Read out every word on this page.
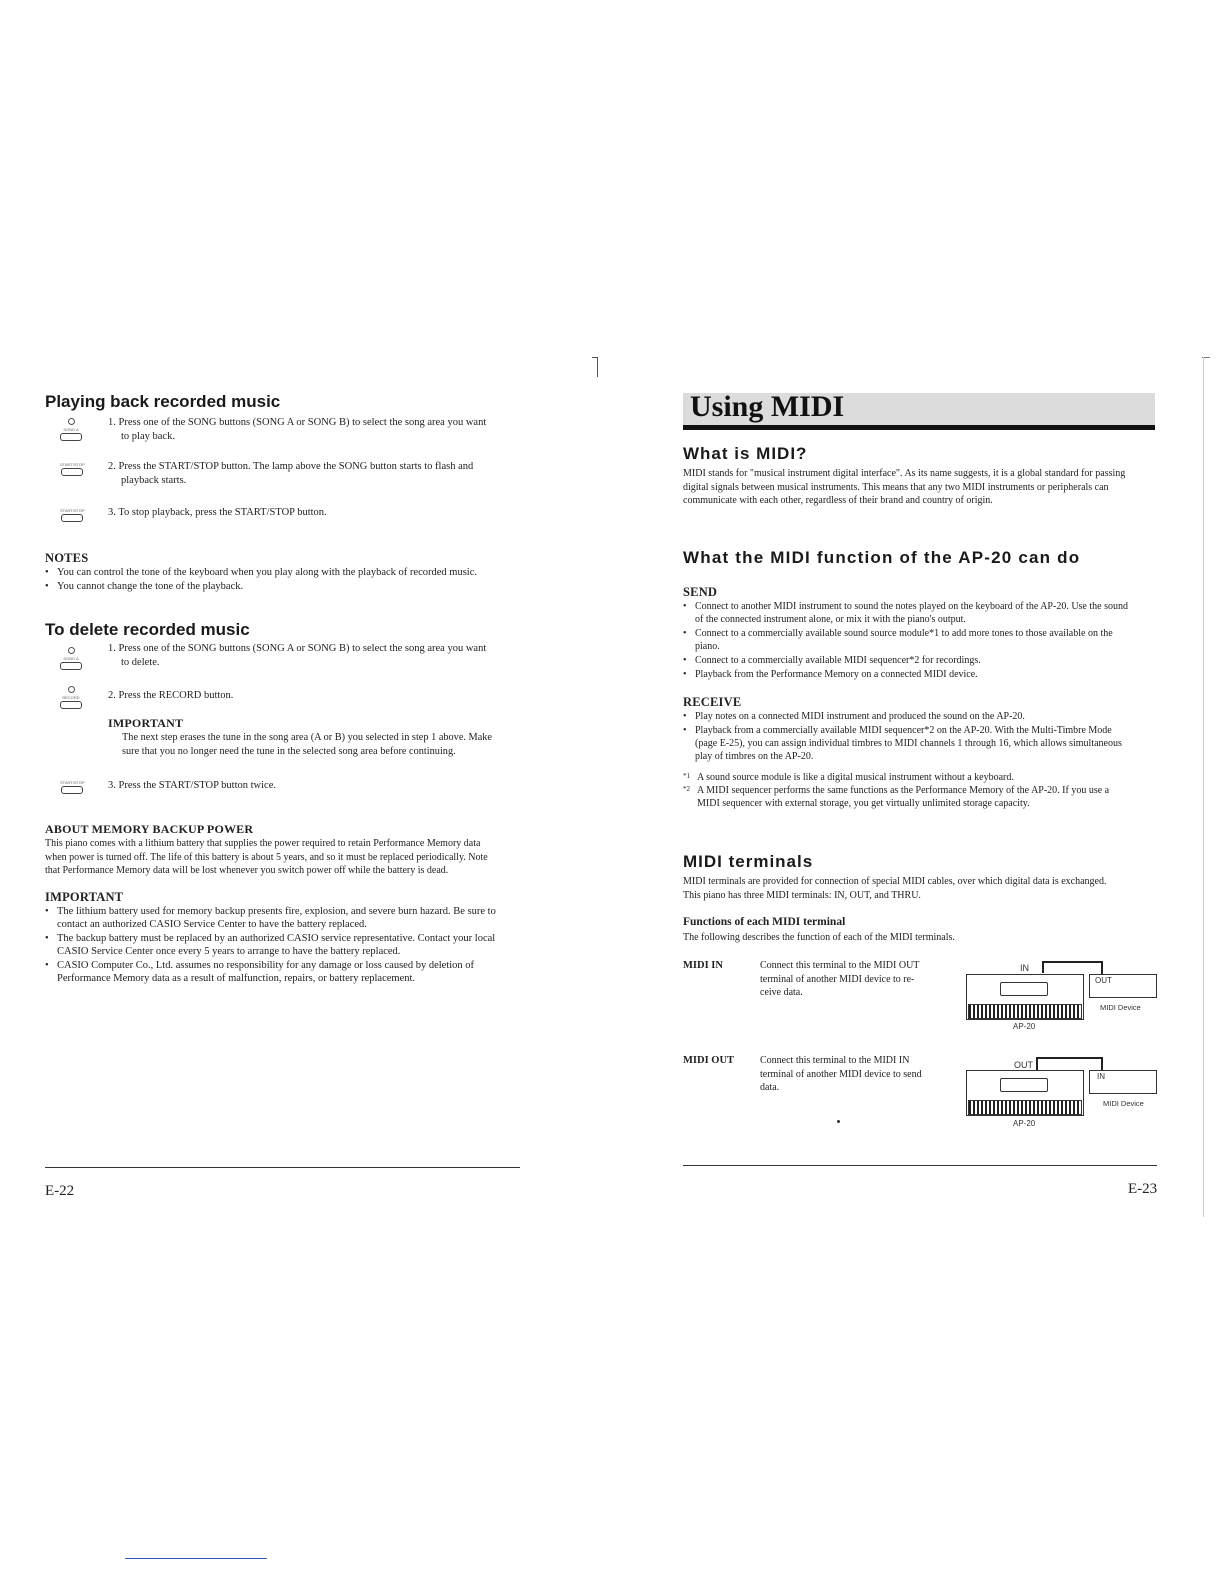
Playing back recorded music
SONG A
1. Press one of the SONG buttons (SONG A or SONG B) to select the song area you want
to play back.
START/STOP 2. Press the START/STOP button. The lamp above the SONG button starts to flash and
playback starts.
START/STOP 3. To stop playback, press the START/STOP button.
NOTES
• You can control the tone of the keyboard when you play along with the playback of recorded music.
• You cannot change the tone of the playback.
To delete recorded music
SONG A
1. Press one of the SONG buttons (SONG A or SONG B) to select the song area you want
to delete.
RECORD	2. Press the RECORD button.
IMPORTANT
The next step erases the tune in the song area (A or B) you selected in step 1 above. Make
sure that you no longer need the tune in the selected song area before continuing.
START/STOP 3. Press the START/STOP button twice.
ABOUT MEMORY BACKUP POWER
This piano comes with a lithium battery that supplies the power required to retain Performance Memory data
when power is turned off. The life of this battery is about 5 years, and so it must be replaced periodically. Note
that Performance Memory data will be lost whenever you switch power off while the battery is dead.
IMPORTANT
• The lithium battery used for memory backup presents fire, explosion, and severe burn hazard. Be sure to
contact an authorized CASIO Service Center to have the battery replaced.
• The backup battery must be replaced by an authorized CASIO service representative. Contact your local
CASIO Service Center once every 5 years to arrange to have the battery replaced.
• CASIO Computer Co., Ltd. assumes no responsibility for any damage or loss caused by deletion of
Performance Memory data as a result of malfunction, repairs, or battery replacement.
E-22
Using MIDI
What is MIDI?
MIDI stands for "musical instrument digital interface". As its name suggests, it is a global standard for passing
digital signals between musical instruments. This means that any two MIDI instruments or peripherals can
communicate with each other, regardless of their brand and country of origin.
What the MIDI function of the AP-20 can do
SEND
• Connect to another MIDI instrument to sound the notes played on the keyboard of the AP-20. Use the sound
of the connected instrument alone, or mix it with the piano's output.
• Connect to a commercially available sound source module*1 to add more tones to those available on the
piano.
• Connect to a commercially available MIDI sequencer*2 for recordings.
• Playback from the Performance Memory on a connected MIDI device.
RECEIVE
• Play notes on a connected MIDI instrument and produced the sound on the AP-20.
• Playback from a commercially available MIDI sequencer*2 on the AP-20. With the Multi-Timbre Mode
(page E-25), you can assign individual timbres to MIDI channels 1 through 16, which allows simultaneous
play of timbres on the AP-20.
*1 A sound source module is like a digital musical instrument without a keyboard.
*2 A MIDI sequencer performs the same functions as the Performance Memory of the AP-20. If you use a
MIDI sequencer with external storage, you get virtually unlimited storage capacity.
MIDI terminals
MIDI terminals are provided for connection of special MIDI cables, over which digital data is exchanged.
This piano has three MIDI terminals: IN, OUT, and THRU.
Functions of each MIDI terminal
The following describes the function of each of the MIDI terminals.
MIDI IN	Connect this terminal to the MIDI OUT
terminal of another MIDI device to re-
ceive data.
AP-20
OUT
MIDI Device
IN
MIDI OUT	Connect this terminal to the MIDI IN
terminal of another MIDI device to send
data.
AP-20
IN
MIDI Device
OUT
E-23
